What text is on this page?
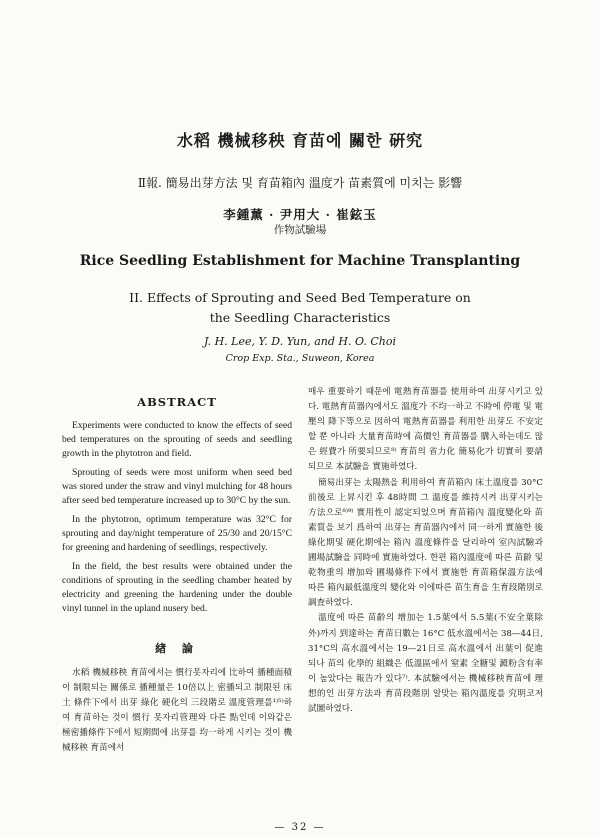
水稻 機械移秧 育苗에 關한 硏究
Ⅱ報. 簡易出芽方法 및 育苗箱內 溫度가 苗素質에 미치는 影響
李鍾薰 · 尹用大 · 崔鉉玉
作物試驗場
Rice Seedling Establishment for Machine Transplanting
II. Effects of Sprouting and Seed Bed Temperature on
the Seedling Characteristics
J. H. Lee, Y. D. Yun, and H. O. Choi
Crop Exp. Sta., Suweon, Korea
ABSTRACT

Experiments were conducted to know the effects of seed bed temperatures on the sprouting of seeds and seedling growth in the phytotron and field.

Sprouting of seeds were most uniform when seed bed was stored under the straw and vinyl mulching for 48 hours after seed bed temperature increased up to 30°C by the sun.

In the phytotron, optimum temperature was 32°C for sprouting and day/night temperature of 25/30 and 20/15°C for greening and hardening of seedlings, respectively.

In the field, the best results were obtained under the conditions of sprouting in the seedling chamber heated by electricity and greening the hardening under the double vinyl tunnel in the upland nusery bed.

緖 論

水稻 機械移秧 育苗에서는 慣行못자리에 比하여 播種面積이 制限되는 關係로 播種量은 10倍以上 密播되고 制限된 床土 條件下에서 出芽 綠化 硬化의 三段階로 溫度管理를¹⁾⁵⁾하여 育苗하는 것이 慣行 못자리管理와 다른 點인데 이와같은 極密播條件下에서 短期間에 出芽를 均一하게 시키는 것이 機械移秧 育苗에서

매우 重要하기 때문에 電熱育苗器를 使用하여 出芽시키고 있다. 電熱育苗器內에서도 溫度가 不均一하고 不時에 停電 및 電壓의 降下等으로 因하여 電熱育苗器를 利用한 出芽도 不安定할 뿐 아니라 大量育苗時에 高價인 育苗器를 購入하는데도 많은 經費가 所要되므로⁸⁾ 育苗의 省力化 簡易化가 切實히 要請되므로 本試驗을 實施하였다.

簡易出芽는 太陽熱을 利用하여 育苗箱內 床土溫度를 30°C 前後로 上昇시킨 후 48時間 그 溫度를 維持시켜 出芽시키는 方法으로⁸⁾⁹⁾ 實用性이 認定되었으며 育苗箱內 溫度變化와 苗素質을 보기 爲하여 出芽는 育苗器內에서 同一하게 實施한 後 綠化期및 硬化期에는 箱內 溫度條件을 달리하여 室內試驗과 圃場試驗을 同時에 實施하였다. 한편 箱內溫度에 따른 苗齡 및 乾物重의 增加와 圃場條件下에서 實施한 育苗箱保溫方法에 따른 箱內最低溫度의 變化와 이에따른 苗生育을 生育段階別로 調査하였다.

溫度에 따른 苗齡의 增加는 1.5葉에서 5.5葉(不安全葉除外)까지 到達하는 育苗日數는 16°C 低水溫에서는 38—44日, 31°C의 高水溫에서는 19—21日로 高水溫에서 出葉이 促進되나 苗의 化學的 組織은 低溫區에서 窒素 全糖및 澱粉含有率이 높았다는 報告가 있다⁷⁾. 本試驗에서는 機械移秧育苗에 理想的인 出芽方法과 育苗段階別 알맞는 箱內溫度를 究明코저 試圖하였다.

— 32 —
